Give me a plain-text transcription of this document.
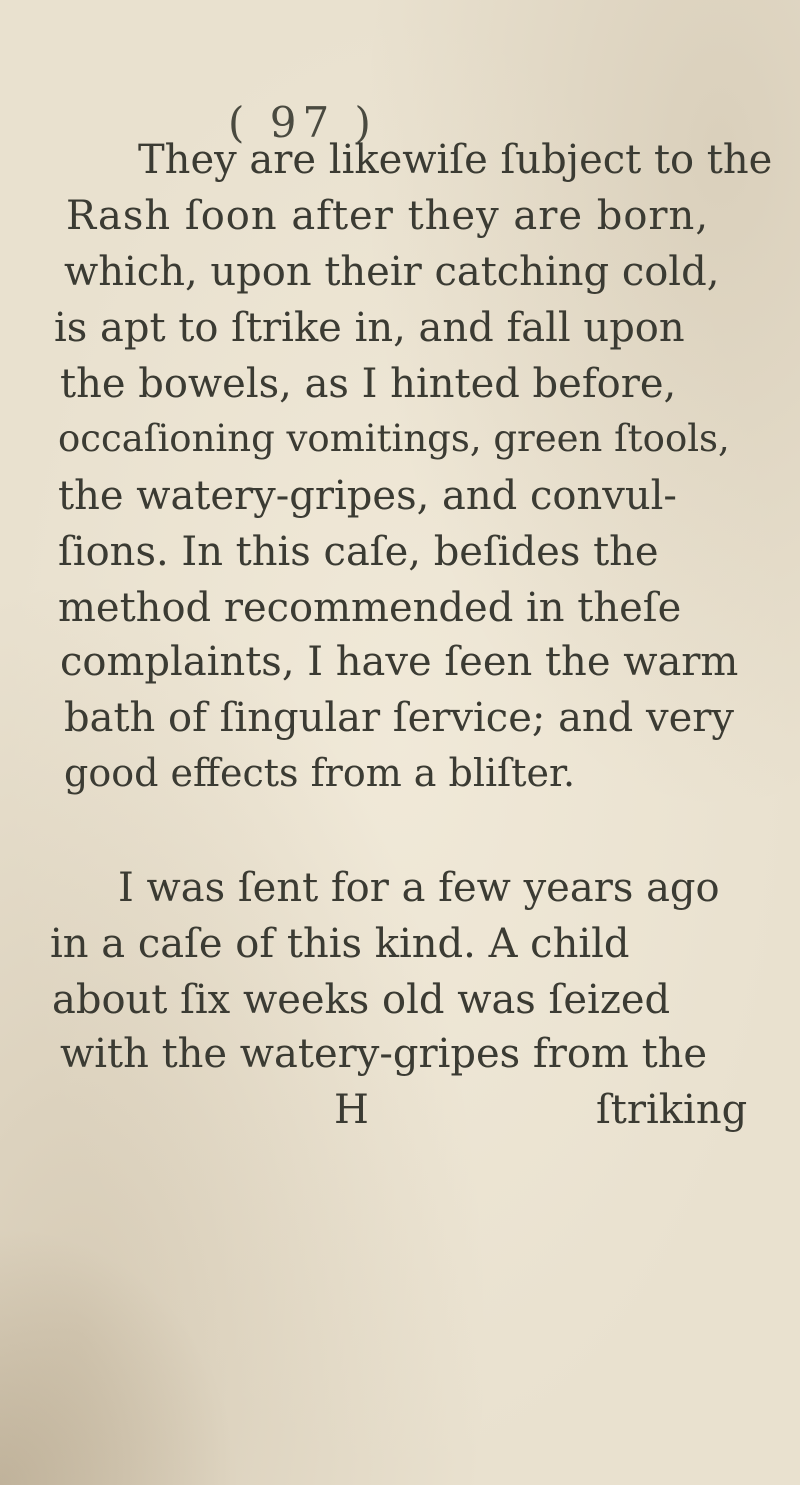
( 97 )
They are likewiſe ſubject to the
Rash ſoon after they are born,
which, upon their catching cold,
is apt to ſtrike in, and fall upon
the bowels, as I hinted before,
occaſioning vomitings, green ſtools,
the watery-gripes, and convul-
ſions. In this caſe, beſides the
method recommended in theſe
complaints, I have ſeen the warm
bath of ſingular ſervice; and very
good effects from a bliſter.
I was ſent for a few years ago
in a caſe of this kind. A child
about ſix weeks old was ſeized
with the watery-gripes from the
H	ſtriking
